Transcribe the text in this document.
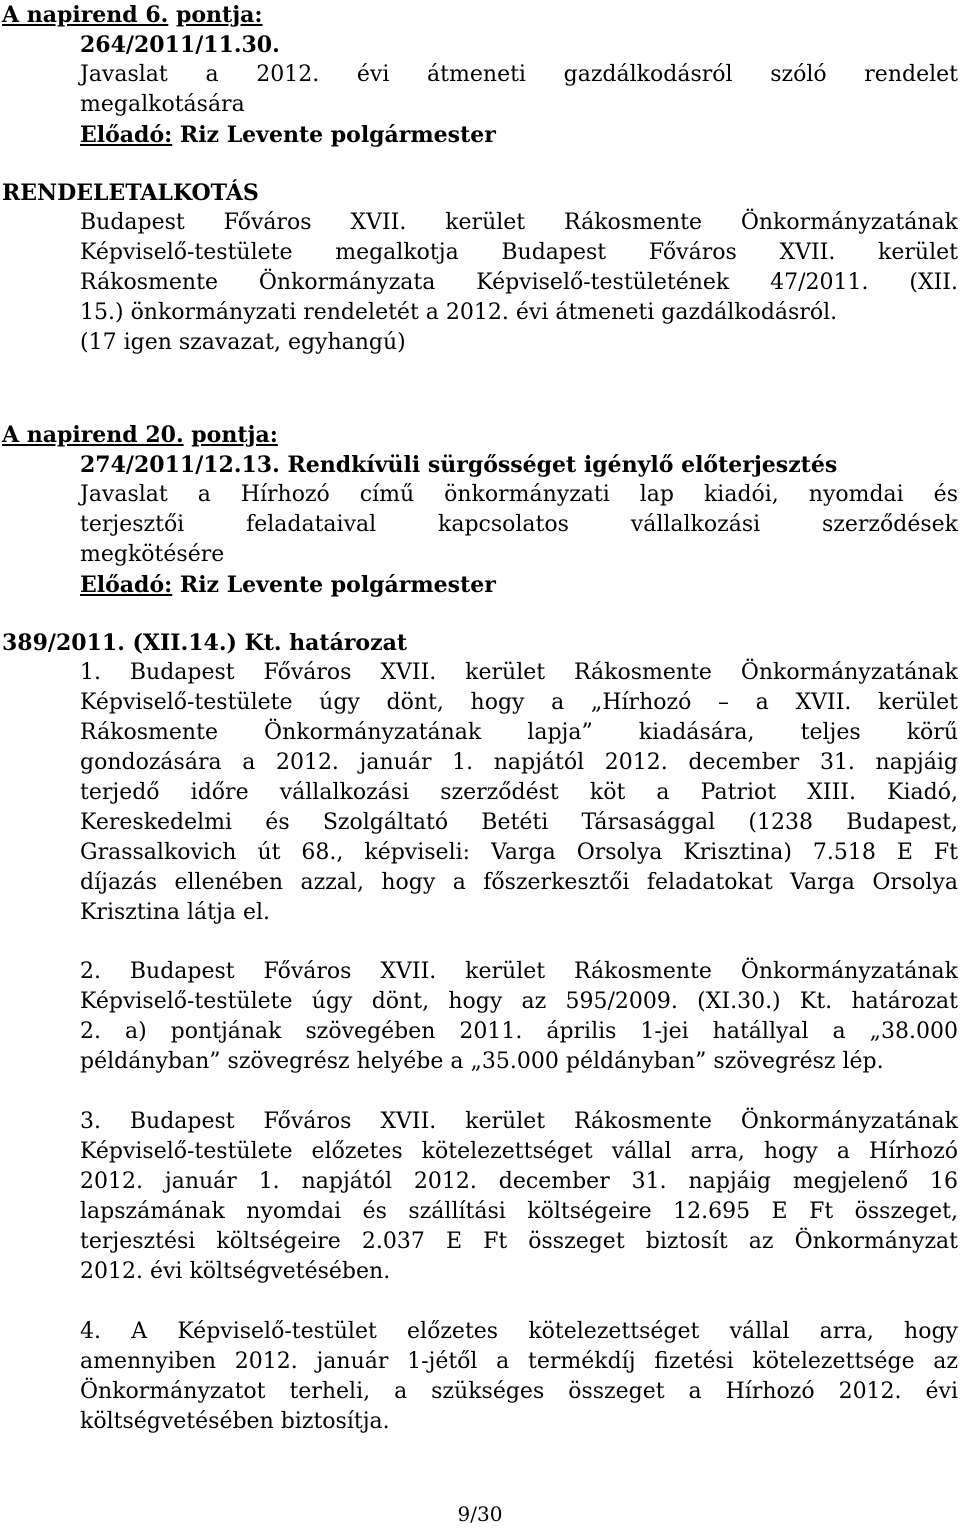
A napirend 6. pontja:
264/2011/11.30.
Javaslat a 2012. évi átmeneti gazdálkodásról szóló rendelet
megalkotására
Előadó: Riz Levente polgármester
RENDELETALKOTÁS
Budapest Főváros XVII. kerület Rákosmente Önkormányzatának
Képviselő-testülete megalkotja Budapest Főváros XVII. kerület
Rákosmente Önkormányzata Képviselő-testületének 47/2011. (XII.
15.) önkormányzati rendeletét a 2012. évi átmeneti gazdálkodásról.
(17 igen szavazat, egyhangú)
A napirend 20. pontja:
274/2011/12.13. Rendkívüli sürgősséget igénylő előterjesztés
Javaslat a Hírhozó című önkormányzati lap kiadói, nyomdai és
terjesztői feladataival kapcsolatos vállalkozási szerződések
megkötésére
Előadó: Riz Levente polgármester
389/2011. (XII.14.) Kt. határozat
1. Budapest Főváros XVII. kerület Rákosmente Önkormányzatának
Képviselő-testülete úgy dönt, hogy a „Hírhozó – a XVII. kerület
Rákosmente Önkormányzatának lapja” kiadására, teljes körű
gondozására a 2012. január 1. napjától 2012. december 31. napjáig
terjedő időre vállalkozási szerződést köt a Patriot XIII. Kiadó,
Kereskedelmi és Szolgáltató Betéti Társasággal (1238 Budapest,
Grassalkovich út 68., képviseli: Varga Orsolya Krisztina) 7.518 E Ft
díjazás ellenében azzal, hogy a főszerkesztői feladatokat Varga Orsolya
Krisztina látja el.
2. Budapest Főváros XVII. kerület Rákosmente Önkormányzatának
Képviselő-testülete úgy dönt, hogy az 595/2009. (XI.30.) Kt. határozat
2. a) pontjának szövegében 2011. április 1-jei hatállyal a „38.000
példányban” szövegrész helyébe a „35.000 példányban” szövegrész lép.
3. Budapest Főváros XVII. kerület Rákosmente Önkormányzatának
Képviselő-testülete előzetes kötelezettséget vállal arra, hogy a Hírhozó
2012. január 1. napjától 2012. december 31. napjáig megjelenő 16
lapszámának nyomdai és szállítási költségeire 12.695 E Ft összeget,
terjesztési költségeire 2.037 E Ft összeget biztosít az Önkormányzat
2012. évi költségvetésében.
4. A Képviselő-testület előzetes kötelezettséget vállal arra, hogy
amennyiben 2012. január 1-jétől a termékdíj fizetési kötelezettsége az
Önkormányzatot terheli, a szükséges összeget a Hírhozó 2012. évi
költségvetésében biztosítja.
9/30
